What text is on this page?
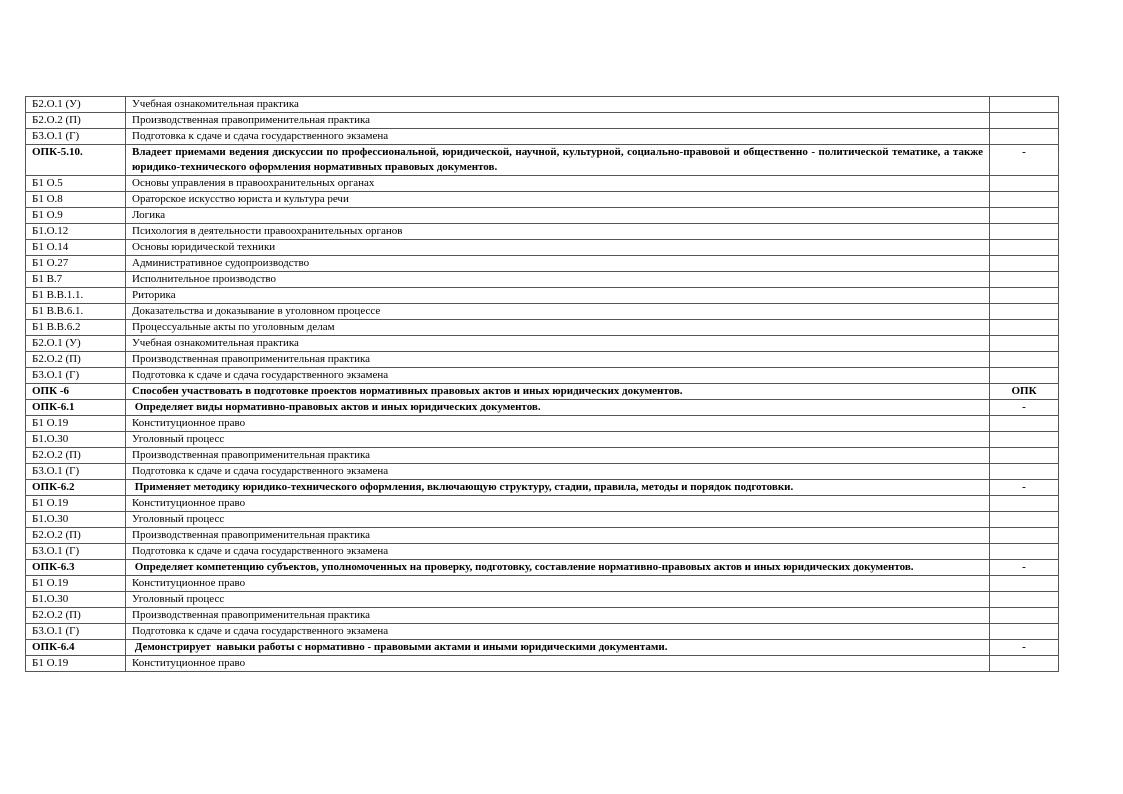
Б2.О.1 (У)	Учебная ознакомительная практика	
Б2.О.2 (П)	Производственная правоприменительная практика	
Б3.О.1 (Г)	Подготовка к сдаче и сдача государственного экзамена	
ОПК-5.10.	Владеет приемами ведения дискуссии по профессиональной, юридической, научной, культурной, социально-правовой и общественно - политической тематике, а также юридико-технического оформления нормативных правовых документов.	-
Б1 О.5	Основы управления в правоохранительных органах	
Б1 О.8	Ораторское искусство юриста и культура речи	
Б1 О.9	Логика	
Б1.О.12	Психология в деятельности правоохранительных органов	
Б1 О.14	Основы юридической техники	
Б1 О.27	Административное судопроизводство	
Б1 В.7	Исполнительное производство	
Б1 В.В.1.1.	Риторика	
Б1 В.В.6.1.	Доказательства и доказывание в уголовном процессе	
Б1 В.В.6.2	Процессуальные акты по уголовным делам	
Б2.О.1 (У)	Учебная ознакомительная практика	
Б2.О.2 (П)	Производственная правоприменительная практика	
Б3.О.1 (Г)	Подготовка к сдаче и сдача государственного экзамена	
ОПК -6	Способен участвовать в подготовке проектов нормативных правовых актов и иных юридических документов.	ОПК
ОПК-6.1	Определяет виды нормативно-правовых актов и иных юридических документов.	-
Б1 О.19	Конституционное право	
Б1.О.30	Уголовный процесс	
Б2.О.2 (П)	Производственная правоприменительная практика	
Б3.О.1 (Г)	Подготовка к сдаче и сдача государственного экзамена	
ОПК-6.2	Применяет методику юридико-технического оформления, включающую структуру, стадии, правила, методы и порядок подготовки.	-
Б1 О.19	Конституционное право	
Б1.О.30	Уголовный процесс	
Б2.О.2 (П)	Производственная правоприменительная практика	
Б3.О.1 (Г)	Подготовка к сдаче и сдача государственного экзамена	
ОПК-6.3	Определяет компетенцию субъектов, уполномоченных на проверку, подготовку, составление нормативно-правовых актов и иных юридических документов.	-
Б1 О.19	Конституционное право	
Б1.О.30	Уголовный процесс	
Б2.О.2 (П)	Производственная правоприменительная практика	
Б3.О.1 (Г)	Подготовка к сдаче и сдача государственного экзамена	
ОПК-6.4	Демонстрирует  навыки работы с нормативно - правовыми актами и иными юридическими документами.	-
Б1 О.19	Конституционное право	
